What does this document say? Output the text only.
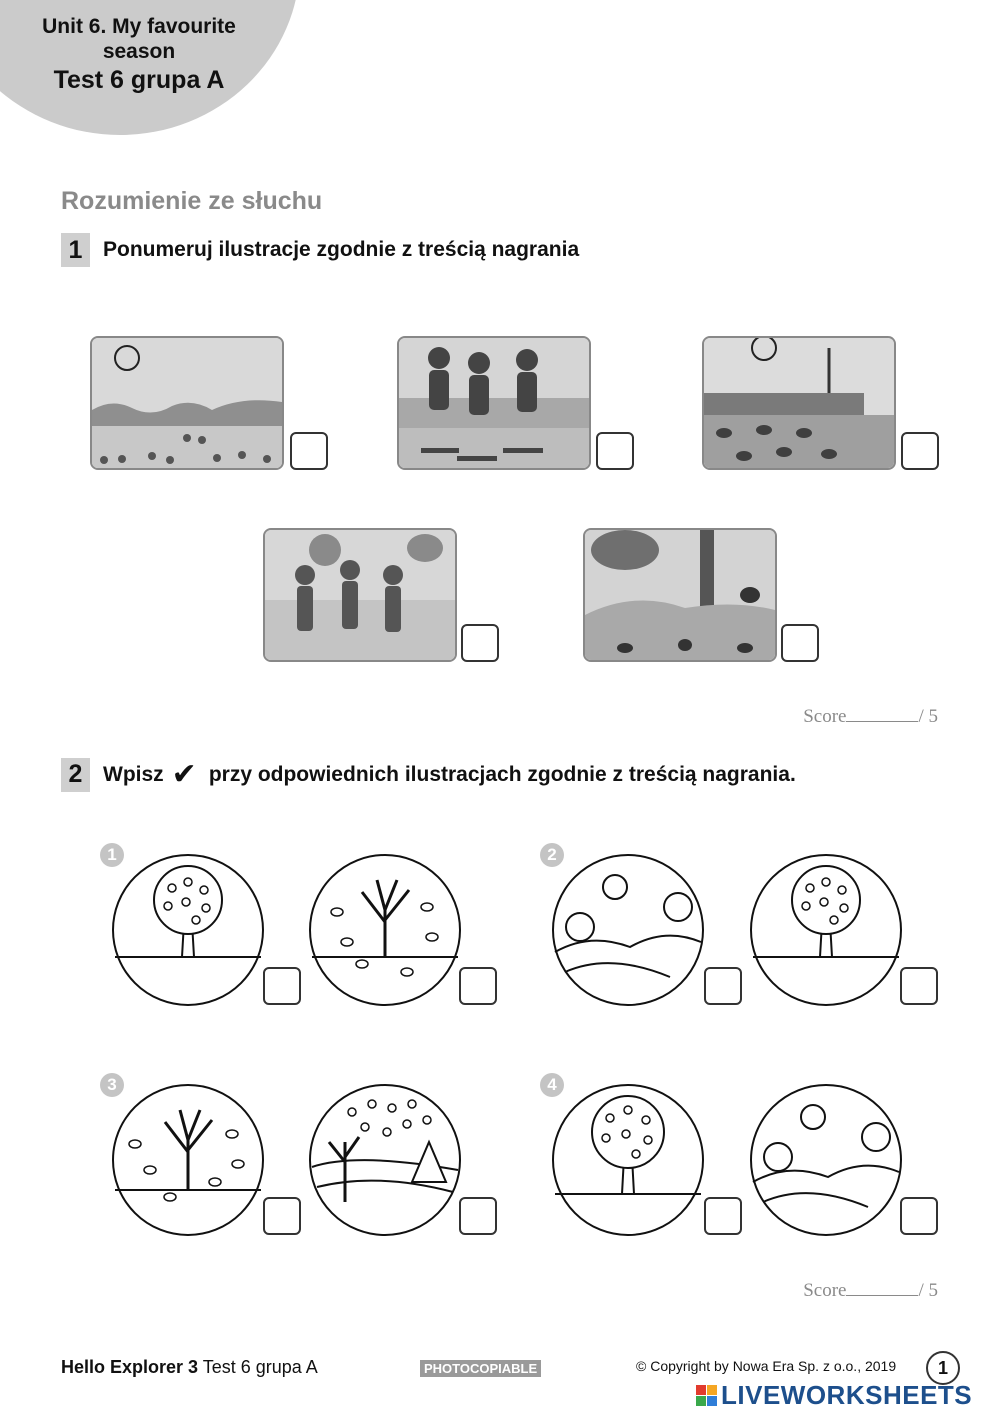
Unit 6. My favourite
season
Test 6 grupa A
Rozumienie ze słuchu
1 Ponumeruj ilustracje zgodnie z treścią nagrania
Score	/ 5
2 Wpisz ✔ przy odpowiednich ilustracjach zgodnie z treścią nagrania.
1	2
3	4
Score	/ 5
Hello Explorer 3 Test 6 grupa A	PHOTOCOPIABLE	© Copyright by Nowa Era Sp. z o.o., 2019	1
LIVEWORKSHEETS
